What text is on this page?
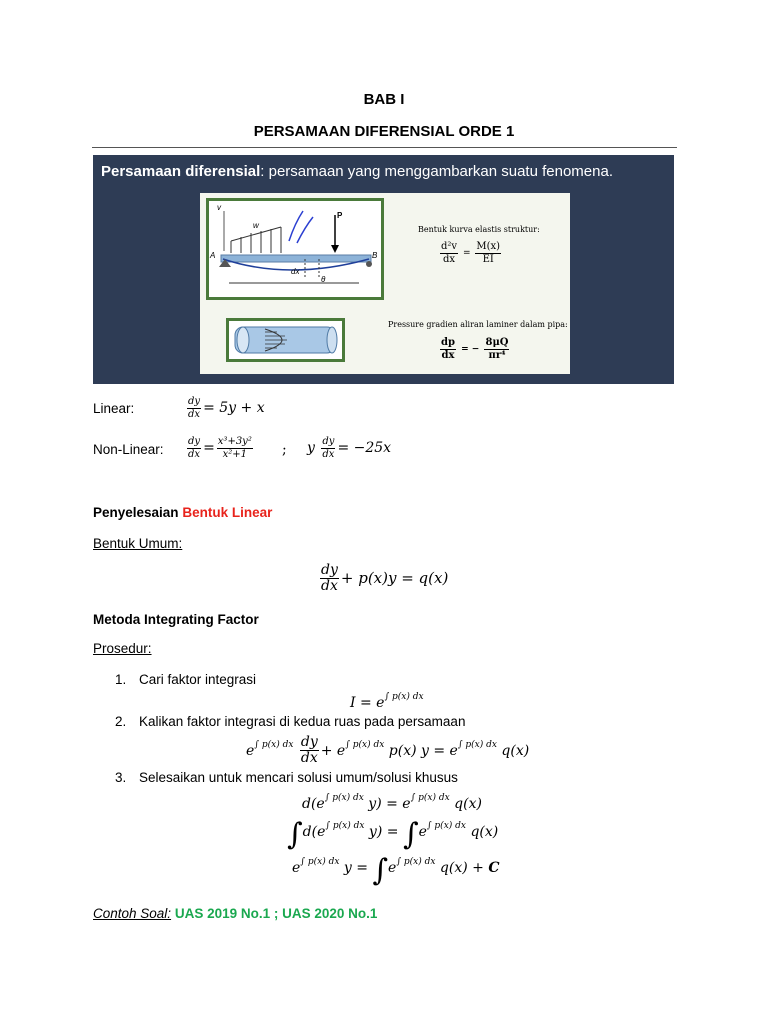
BAB I
PERSAMAAN DIFERENSIAL ORDE 1
Persamaan diferensial: persamaan yang menggambarkan suatu fenomena.
v
w
P
A	B
dx
θ
Bentuk kurva elastis struktur:
$\frac{\text{d²v}}{dx} = \frac{M(x)}{EI}$
Pressure gradien aliran laminer dalam pipa:
$\frac{dp}{dx}$ = − $\frac{8\mu Q}{\text{πr⁴}}$
Linear:	$\frac{dy}{dx} = 5y + x$
Non-Linear: $\frac{dy}{dx} = \frac{\text{x³+3y²}}{\text{x²+1}}$ ; y $\frac{dy}{dx} = -25x$
Penyelesaian Bentuk Linear
Bentuk Umum:
$\frac{dy}{dx} + p(x)y = q(x)$
Metoda Integrating Factor
Prosedur:
1. Cari faktor integrasi
$I = e^{\int p(x) dx}$
2. Kalikan faktor integrasi di kedua ruas pada persamaan
$e^{\int p(x) dx} \frac{dy}{dx} + e^{\int p(x) dx}$ p(x) $y = e^{\int p(x) dx}$ q(x)
3. Selesaikan untuk mencari solusi umum/solusi khusus
$d(e^{\int p(x) dx}$ $y) = e^{\int p(x) dx}$ q(x)
$\int d(e^{\int p(x) dx}$ $y) = \int e^{\int p(x) dx}$ q(x)
$e^{\int p(x) dx}$ $y = \int e^{\int p(x) dx}$ q(x) + C
Contoh Soal: UAS 2019 No.1 ; UAS 2020 No.1
